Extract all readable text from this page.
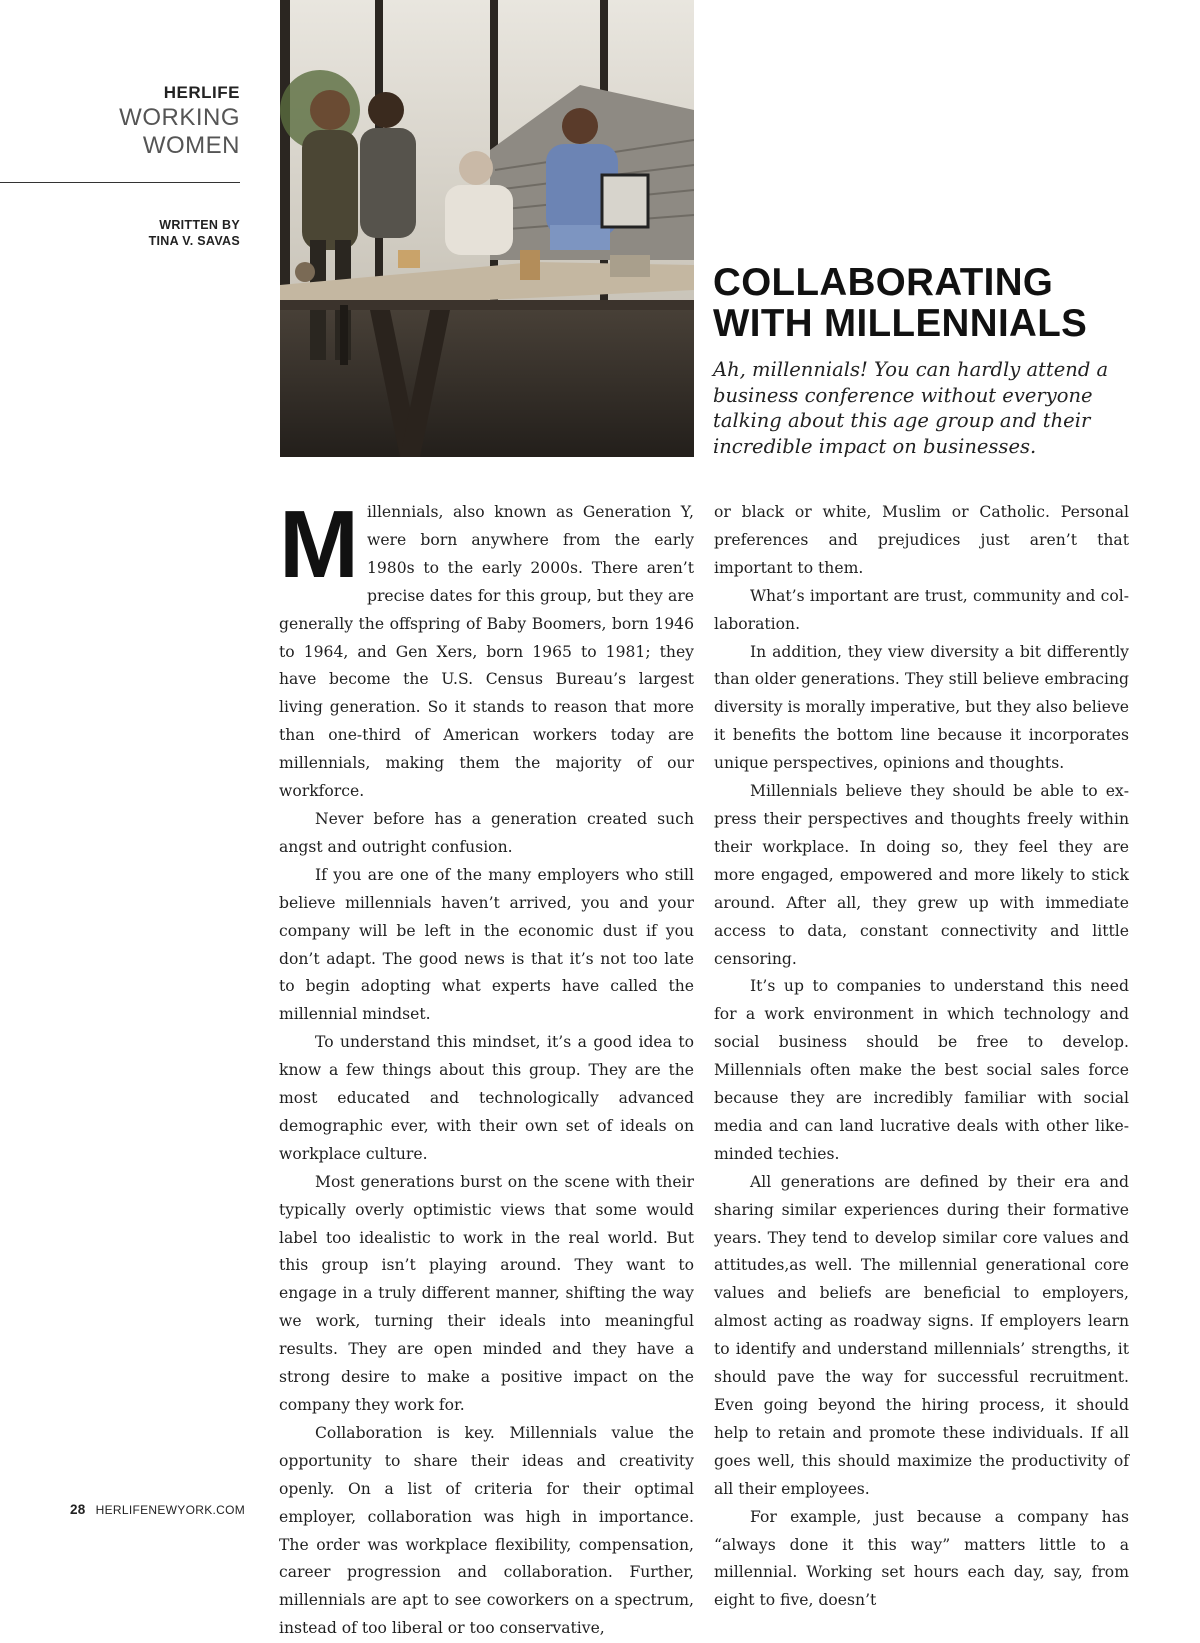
HERLIFE
WORKING
WOMEN
WRITTEN BY
TINA V. SAVAS
COLLABORATING
WITH MILLENNIALS

Ah, millennials! You can hardly attend a business conference without everyone talking about this age group and their incredible impact on businesses.

Millennials, also known as Generation Y, were born anywhere from the early 1980s to the early 2000s. There aren’t precise dates for this group, but they are generally the offspring of Baby Boomers, born 1946 to 1964, and Gen Xers, born 1965 to 1981; they have become the U.S. Census Bureau’s largest living generation. So it stands to reason that more than one-third of American workers today are millennials, making them the majority of our workforce.

Never before has a generation created such angst and outright confusion.

If you are one of the many employers who still believe millennials haven’t arrived, you and your company will be left in the economic dust if you don’t adapt. The good news is that it’s not too late to begin adopting what experts have called the millennial mindset.

To understand this mindset, it’s a good idea to know a few things about this group. They are the most educated and technologically advanced demographic ever, with their own set of ideals on workplace culture.

Most generations burst on the scene with their typically overly optimistic views that some would label too idealistic to work in the real world. But this group isn’t playing around. They want to engage in a truly different manner, shifting the way we work, turning their ideals into meaningful results. They are open minded and they have a strong desire to make a positive impact on the company they work for.

Collaboration is key. Millennials value the opportunity to share their ideas and creativity openly. On a list of criteria for their optimal employer, collaboration was high in importance. The order was workplace flexibility, compensation, career progression and collaboration. Further, millennials are apt to see coworkers on a spectrum, instead of too liberal or too conservative,

or black or white, Muslim or Catholic. Personal preferences and prejudices just aren’t that important to them.

What’s important are trust, community and collaboration.

In addition, they view diversity a bit differently than older generations. They still believe embracing diversity is morally imperative, but they also believe it benefits the bottom line because it incorporates unique perspectives, opinions and thoughts.

Millennials believe they should be able to express their perspectives and thoughts freely within their workplace. In doing so, they feel they are more engaged, empowered and more likely to stick around. After all, they grew up with immediate access to data, constant connectivity and little censoring.

It’s up to companies to understand this need for a work environment in which technology and social business should be free to develop. Millennials often make the best social sales force because they are incredibly familiar with social media and can land lucrative deals with other like-minded techies.

All generations are defined by their era and sharing similar experiences during their formative years. They tend to develop similar core values and attitudes,as well. The millennial generational core values and beliefs are beneficial to employers, almost acting as roadway signs. If employers learn to identify and understand millennials’ strengths, it should pave the way for successful recruitment. Even going beyond the hiring process, it should help to retain and promote these individuals. If all goes well, this should maximize the productivity of all their employees.

For example, just because a company has “always done it this way” matters little to a millennial. Working set hours each day, say, from eight to five, doesn’t

28 HERLIFENEWYORK.COM
